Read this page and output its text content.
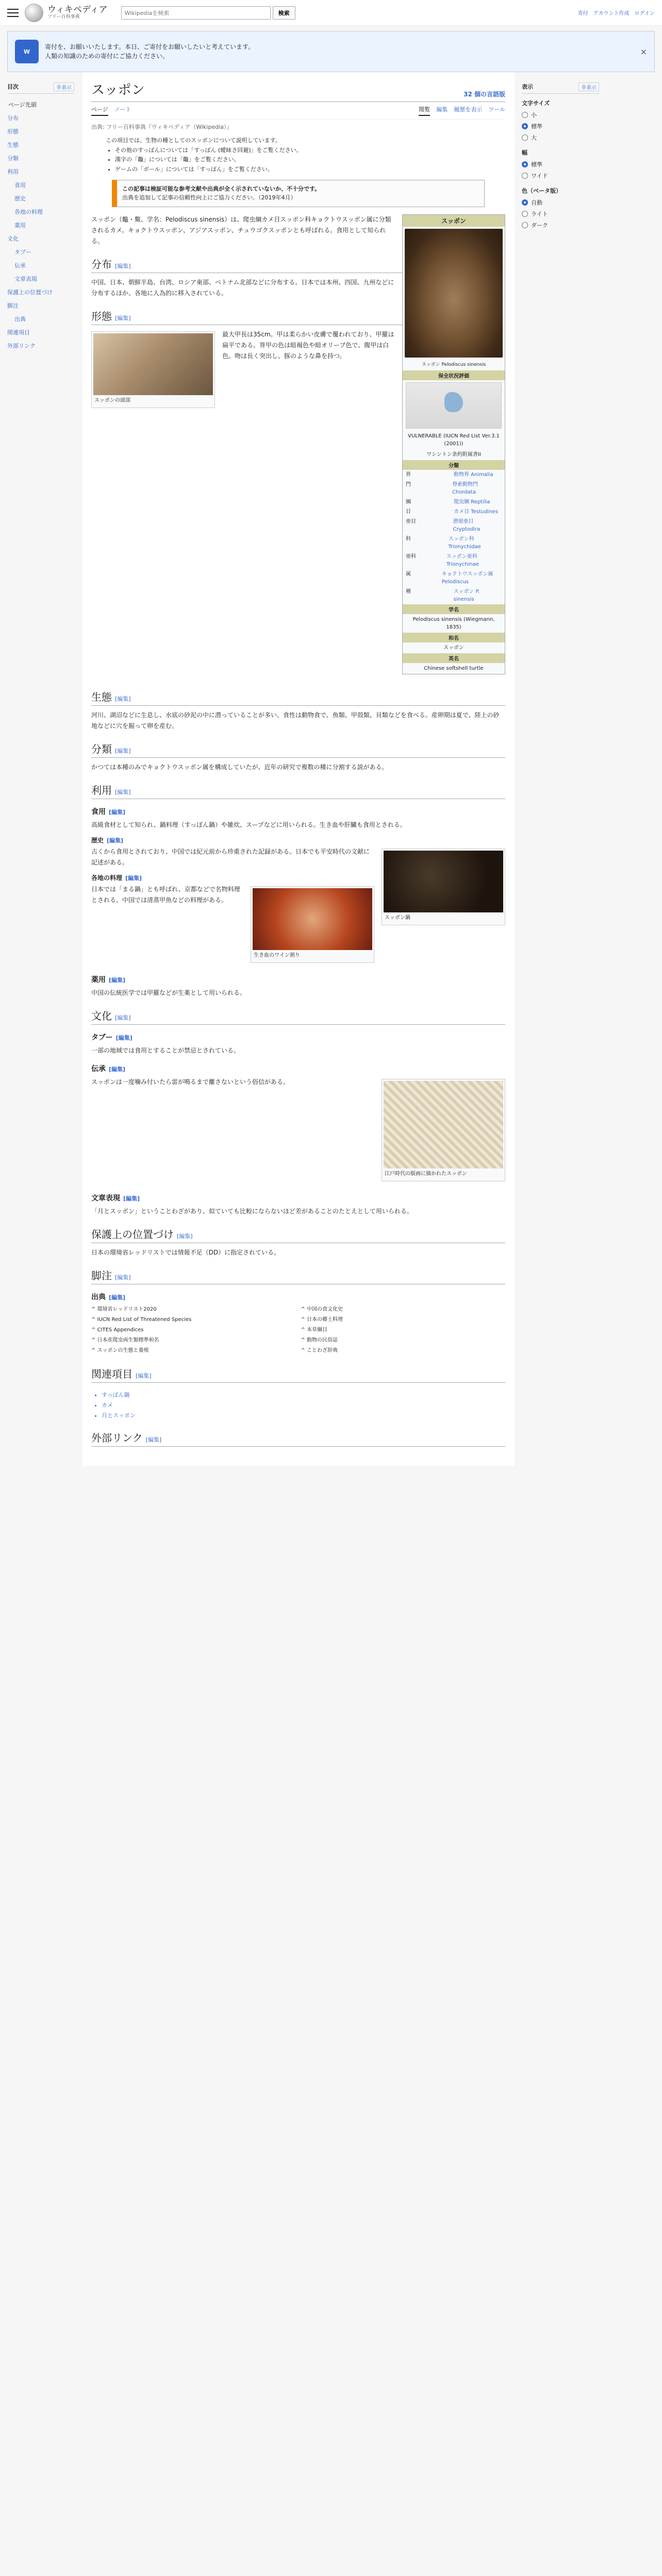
ウィキペディア
フリー百科事典
Wikipediaを検索	検索	寄付 アカウント作成 ログイン
W
寄付を、お願いいたします。本日、ご寄付をお願いしたいと考えています。
人類の知識のための寄付にご協力ください。	×
目次	非表示
ページ先頭
分布
形態
生態
分類
利用
食用
歴史
各地の料理
薬用
文化
タブー
伝承
文章表現
保護上の位置づけ
脚注
出典
関連項目
外部リンク
スッポン	32 個の言語版
ページ ノート	閲覧 編集 履歴を表示 ツール
出典: フリー百科事典『ウィキペディア（Wikipedia）』
この項目では、生物の種としてのスッポンについて説明しています。
• その他のすっぽんについては「すっぽん (曖昧さ回避)」をご覧ください。
• 漢字の「鼈」については「鼈」をご覧ください。
• ゲームの「ボール」については「すっぽん」をご覧ください。
この記事は検証可能な参考文献や出典が全く示されていないか、不十分です。
出典を追加して記事の信頼性向上にご協力ください。（2019年4月）
スッポン
スッポン Pelodiscus sinensis
保全状況評価
VULNERABLE (IUCN Red List Ver.3.1 (2001))
ワシントン条約附属書II
分類
界	動物界 Animalia
門	脊索動物門 Chordata
綱	爬虫綱 Reptilia
目	カメ目 Testudines
亜目	潜頸亜目 Cryptodira
科	スッポン科 Trionychidae
亜科	スッポン亜科 Trionychinae
属	キョクトウスッポン属 Pelodiscus
種	スッポン P. sinensis
学名
Pelodiscus sinensis (Wiegmann, 1835)
和名
スッポン
英名
Chinese softshell turtle

スッポン（鼈・鱉、学名：Pelodiscus sinensis）は、爬虫綱カメ目スッポン科キョクトウスッポン属に分類されるカメ。キョクトウスッポン、アジアスッポン、チュウゴクスッポンとも呼ばれる。食用として知られる。

分布 [編集]

中国、日本、朝鮮半島、台湾、ロシア東部、ベトナム北部などに分布する。日本では本州、四国、九州などに分布するほか、各地に人為的に移入されている。

形態 [編集]
スッポンの頭部

最大甲長は35cm。甲は柔らかい皮膚で覆われており、甲羅は扁平である。背甲の色は暗褐色や暗オリーブ色で、腹甲は白色。吻は長く突出し、豚のような鼻を持つ。

生態 [編集]

河川、湖沼などに生息し、水底の砂泥の中に潜っていることが多い。食性は動物食で、魚類、甲殻類、貝類などを食べる。産卵期は夏で、陸上の砂地などに穴を掘って卵を産む。

分類 [編集]

かつては本種のみでキョクトウスッポン属を構成していたが、近年の研究で複数の種に分割する説がある。

利用 [編集]
食用 [編集]

高級食材として知られ、鍋料理（すっぽん鍋）や雑炊、スープなどに用いられる。生き血や肝臓も食用とされる。

歴史 [編集]
スッポン鍋

古くから食用とされており、中国では紀元前から珍重された記録がある。日本でも平安時代の文献に記述がある。

各地の料理 [編集]
生き血のワイン割り

日本では「まる鍋」とも呼ばれ、京都などで名物料理とされる。中国では清蒸甲魚などの料理がある。

薬用 [編集]

中国の伝統医学では甲羅などが生薬として用いられる。

文化 [編集]
タブー [編集]

一部の地域では食用とすることが禁忌とされている。

伝承 [編集]
江戸時代の版画に描かれたスッポン

スッポンは一度噛み付いたら雷が鳴るまで離さないという俗信がある。

文章表現 [編集]

「月とスッポン」ということわざがあり、似ていても比較にならないほど差があることのたとえとして用いられる。

保護上の位置づけ [編集]

日本の環境省レッドリストでは情報不足（DD）に指定されている。

脚注 [編集]
出典 [編集]
^ 環境省レッドリスト2020
^ IUCN Red List of Threatened Species
^ CITES Appendices
^ 日本産爬虫両生類標準和名
^ スッポンの生態と養殖
^ 中国の食文化史
^ 日本の郷土料理
^ 本草綱目
^ 動物の民俗誌
^ ことわざ辞典
関連項目 [編集]
• すっぽん鍋
• カメ
• 月とスッポン
外部リンク [編集]
表示	非表示
文字サイズ
小
標準
大
幅
標準
ワイド
色（ベータ版）
自動
ライト
ダーク
